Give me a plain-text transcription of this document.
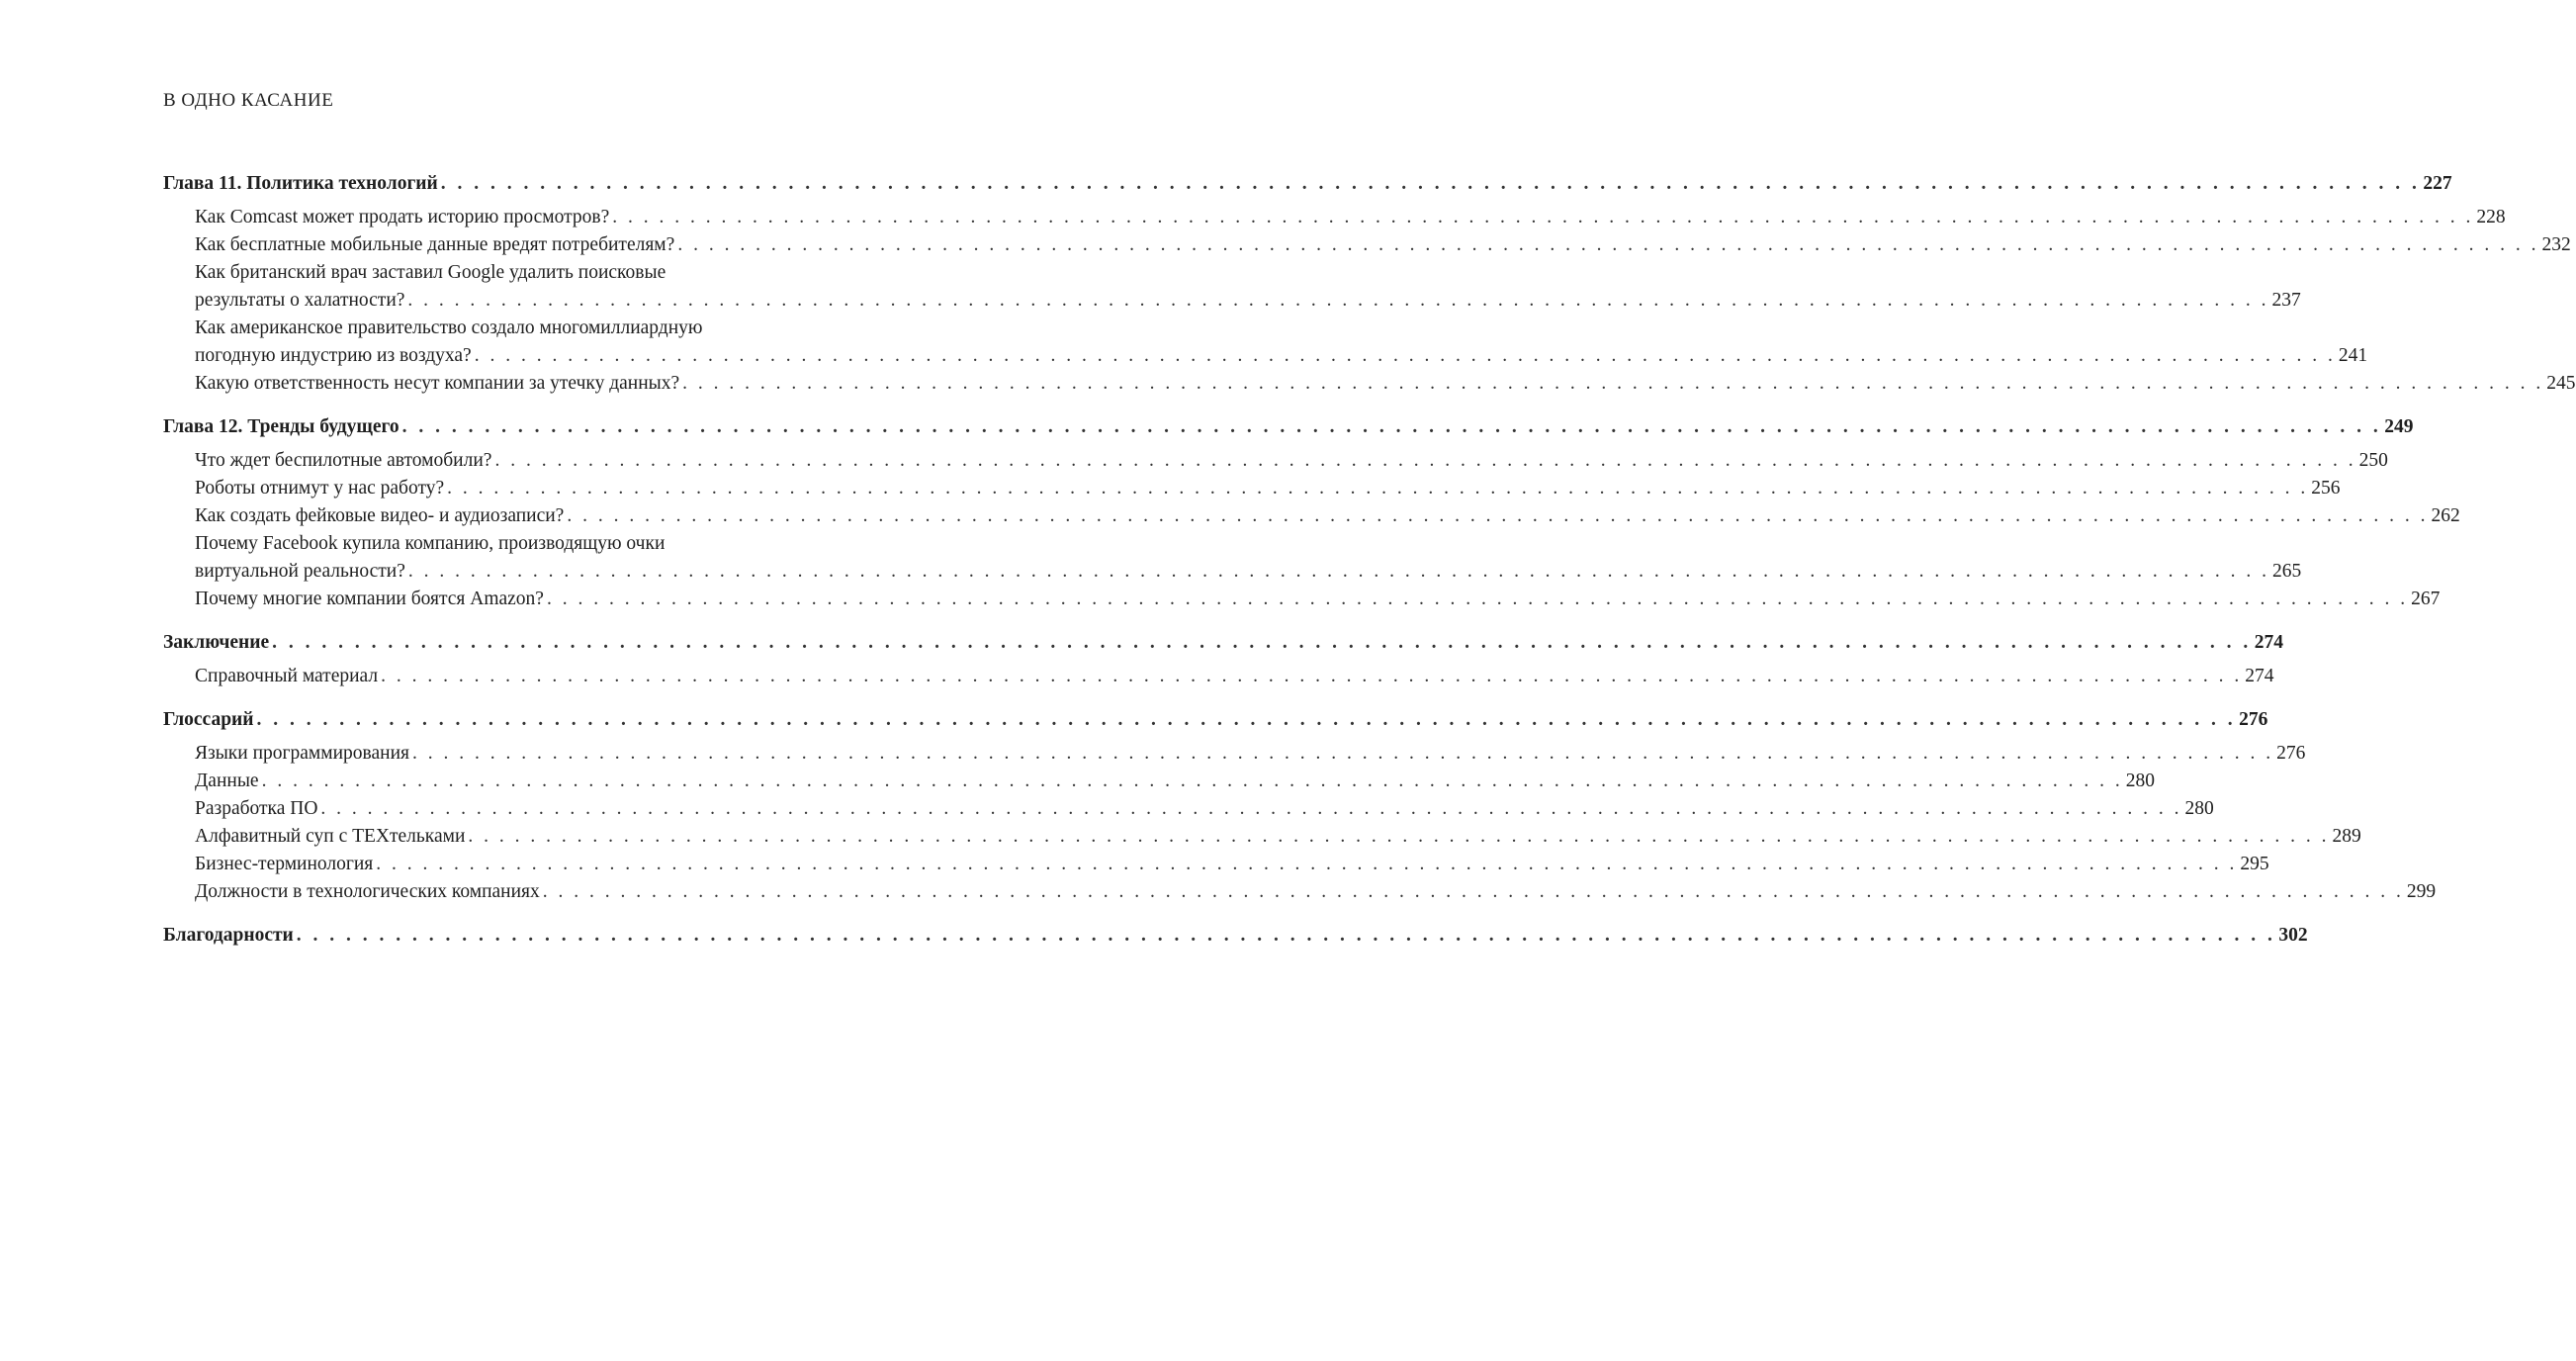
В ОДНО КАСАНИЕ
Глава 11. Политика технологий . . . . . . . . . . . . . . . . . . . . . . . . . . . . . . . . . . . . . . . . . . . . . . . . . . . . . . . . . . . . . . . . . . . . . . . . . . . . . . . . . . . . . . . . . . . . . . . . . . . . . . . . . . . . . . . . . . . . . . . . 227
Как Comcast может продать историю просмотров? . . . . . . . . . . . . . . . . . . . . . . . . . . . . . . . . . . . . . . . . . . . . . . . . . . . . . . . . . . . . . . . . . . . . . . . . . . . . . . . . . . . . . . . . . . . . . . . . . . . . . . . . . . . . . . . . . . . . . . . . 228
Как бесплатные мобильные данные вредят потребителям? . . . . . . . . . . . . . . . . . . . . . . . . . . . . . . . . . . . . . . . . . . . . . . . . . . . . . . . . . . . . . . . . . . . . . . . . . . . . . . . . . . . . . . . . . . . . . . . . . . . . . . . . . . . . . . . . . . . . . . . . 232
Как британский врач заставил Google удалить поисковые
результаты о халатности? . . . . . . . . . . . . . . . . . . . . . . . . . . . . . . . . . . . . . . . . . . . . . . . . . . . . . . . . . . . . . . . . . . . . . . . . . . . . . . . . . . . . . . . . . . . . . . . . . . . . . . . . . . . . . . . . . . . . . . . . 237
Как американское правительство создало многомиллиардную
погодную индустрию из воздуха? . . . . . . . . . . . . . . . . . . . . . . . . . . . . . . . . . . . . . . . . . . . . . . . . . . . . . . . . . . . . . . . . . . . . . . . . . . . . . . . . . . . . . . . . . . . . . . . . . . . . . . . . . . . . . . . . . . . . . . . . 241
Какую ответственность несут компании за утечку данных? . . . . . . . . . . . . . . . . . . . . . . . . . . . . . . . . . . . . . . . . . . . . . . . . . . . . . . . . . . . . . . . . . . . . . . . . . . . . . . . . . . . . . . . . . . . . . . . . . . . . . . . . . . . . . . . . . . . . . . . . 245
Глава 12. Тренды будущего . . . . . . . . . . . . . . . . . . . . . . . . . . . . . . . . . . . . . . . . . . . . . . . . . . . . . . . . . . . . . . . . . . . . . . . . . . . . . . . . . . . . . . . . . . . . . . . . . . . . . . . . . . . . . . . . . . . . . . . . 249
Что ждет беспилотные автомобили? . . . . . . . . . . . . . . . . . . . . . . . . . . . . . . . . . . . . . . . . . . . . . . . . . . . . . . . . . . . . . . . . . . . . . . . . . . . . . . . . . . . . . . . . . . . . . . . . . . . . . . . . . . . . . . . . . . . . . . . . 250
Роботы отнимут у нас работу? . . . . . . . . . . . . . . . . . . . . . . . . . . . . . . . . . . . . . . . . . . . . . . . . . . . . . . . . . . . . . . . . . . . . . . . . . . . . . . . . . . . . . . . . . . . . . . . . . . . . . . . . . . . . . . . . . . . . . . . . 256
Как создать фейковые видео- и аудиозаписи? . . . . . . . . . . . . . . . . . . . . . . . . . . . . . . . . . . . . . . . . . . . . . . . . . . . . . . . . . . . . . . . . . . . . . . . . . . . . . . . . . . . . . . . . . . . . . . . . . . . . . . . . . . . . . . . . . . . . . . . . 262
Почему Facebook купила компанию, производящую очки
виртуальной реальности? . . . . . . . . . . . . . . . . . . . . . . . . . . . . . . . . . . . . . . . . . . . . . . . . . . . . . . . . . . . . . . . . . . . . . . . . . . . . . . . . . . . . . . . . . . . . . . . . . . . . . . . . . . . . . . . . . . . . . . . . 265
Почему многие компании боятся Amazon? . . . . . . . . . . . . . . . . . . . . . . . . . . . . . . . . . . . . . . . . . . . . . . . . . . . . . . . . . . . . . . . . . . . . . . . . . . . . . . . . . . . . . . . . . . . . . . . . . . . . . . . . . . . . . . . . . . . . . . . . 267
Заключение . . . . . . . . . . . . . . . . . . . . . . . . . . . . . . . . . . . . . . . . . . . . . . . . . . . . . . . . . . . . . . . . . . . . . . . . . . . . . . . . . . . . . . . . . . . . . . . . . . . . . . . . . . . . . . . . . . . . . . . . 274
Справочный материал . . . . . . . . . . . . . . . . . . . . . . . . . . . . . . . . . . . . . . . . . . . . . . . . . . . . . . . . . . . . . . . . . . . . . . . . . . . . . . . . . . . . . . . . . . . . . . . . . . . . . . . . . . . . . . . . . . . . . . . . 274
Глоссарий . . . . . . . . . . . . . . . . . . . . . . . . . . . . . . . . . . . . . . . . . . . . . . . . . . . . . . . . . . . . . . . . . . . . . . . . . . . . . . . . . . . . . . . . . . . . . . . . . . . . . . . . . . . . . . . . . . . . . . . . 276
Языки программирования . . . . . . . . . . . . . . . . . . . . . . . . . . . . . . . . . . . . . . . . . . . . . . . . . . . . . . . . . . . . . . . . . . . . . . . . . . . . . . . . . . . . . . . . . . . . . . . . . . . . . . . . . . . . . . . . . . . . . . . . 276
Данные . . . . . . . . . . . . . . . . . . . . . . . . . . . . . . . . . . . . . . . . . . . . . . . . . . . . . . . . . . . . . . . . . . . . . . . . . . . . . . . . . . . . . . . . . . . . . . . . . . . . . . . . . . . . . . . . . . . . . . . . 280
Разработка ПО . . . . . . . . . . . . . . . . . . . . . . . . . . . . . . . . . . . . . . . . . . . . . . . . . . . . . . . . . . . . . . . . . . . . . . . . . . . . . . . . . . . . . . . . . . . . . . . . . . . . . . . . . . . . . . . . . . . . . . . . 280
Алфавитный суп с ТЕХтельками . . . . . . . . . . . . . . . . . . . . . . . . . . . . . . . . . . . . . . . . . . . . . . . . . . . . . . . . . . . . . . . . . . . . . . . . . . . . . . . . . . . . . . . . . . . . . . . . . . . . . . . . . . . . . . . . . . . . . . . . 289
Бизнес-терминология . . . . . . . . . . . . . . . . . . . . . . . . . . . . . . . . . . . . . . . . . . . . . . . . . . . . . . . . . . . . . . . . . . . . . . . . . . . . . . . . . . . . . . . . . . . . . . . . . . . . . . . . . . . . . . . . . . . . . . . . 295
Должности в технологических компаниях . . . . . . . . . . . . . . . . . . . . . . . . . . . . . . . . . . . . . . . . . . . . . . . . . . . . . . . . . . . . . . . . . . . . . . . . . . . . . . . . . . . . . . . . . . . . . . . . . . . . . . . . . . . . . . . . . . . . . . . . 299
Благодарности . . . . . . . . . . . . . . . . . . . . . . . . . . . . . . . . . . . . . . . . . . . . . . . . . . . . . . . . . . . . . . . . . . . . . . . . . . . . . . . . . . . . . . . . . . . . . . . . . . . . . . . . . . . . . . . . . . . . . . . . 302
